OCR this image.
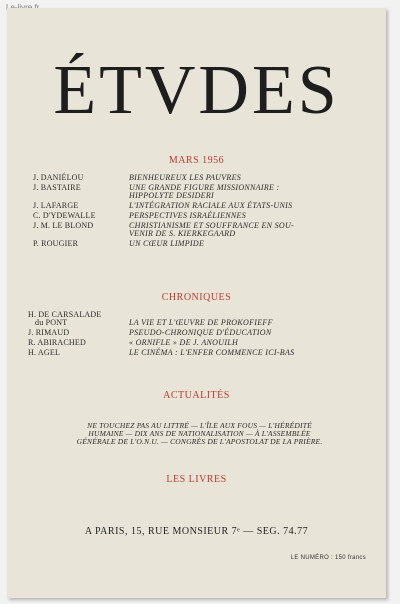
ÉTVDES
MARS 1956
J. DANIÉLOU	BIENHEUREUX LES PAUVRES
J. BASTAIRE	UNE GRANDE FIGURE MISSIONNAIRE :
HIPPOLYTE DESIDERI
J. LAFARGE	L'INTÉGRATION RACIALE AUX ÉTATS-UNIS
C. D'YDEWALLE	PERSPECTIVES ISRAÉLIENNES
J. M. LE BLOND	CHRISTIANISME ET SOUFFRANCE EN SOU-
VENIR DE S. KIERKEGAARD
P. ROUGIER	UN CŒUR LIMPIDE
CHRONIQUES
H. DE CARSALADE
du PONT	LA VIE ET L'ŒUVRE DE PROKOFIEFF
J. RIMAUD	PSEUDO-CHRONIQUE D'ÉDUCATION
R. ABIRACHED	« ORNIFLE » DE J. ANOUILH
H. AGEL	LE CINÉMA : L'ENFER COMMENCE ICI-BAS
ACTUALITÉS
NE TOUCHEZ PAS AU LITTRÉ — L'ÎLE AUX FOUS — L'HÉRÉDITÉ
HUMAINE — DIX ANS DE NATIONALISATION — À L'ASSEMBLÉE
GÉNÉRALE DE L'O.N.U. — CONGRÈS DE L'APOSTOLAT DE LA PRIÈRE.
LES LIVRES
A PARIS, 15, RUE MONSIEUR 7ᵉ — SEG. 74.77
LE NUMÉRO : 150 francs
